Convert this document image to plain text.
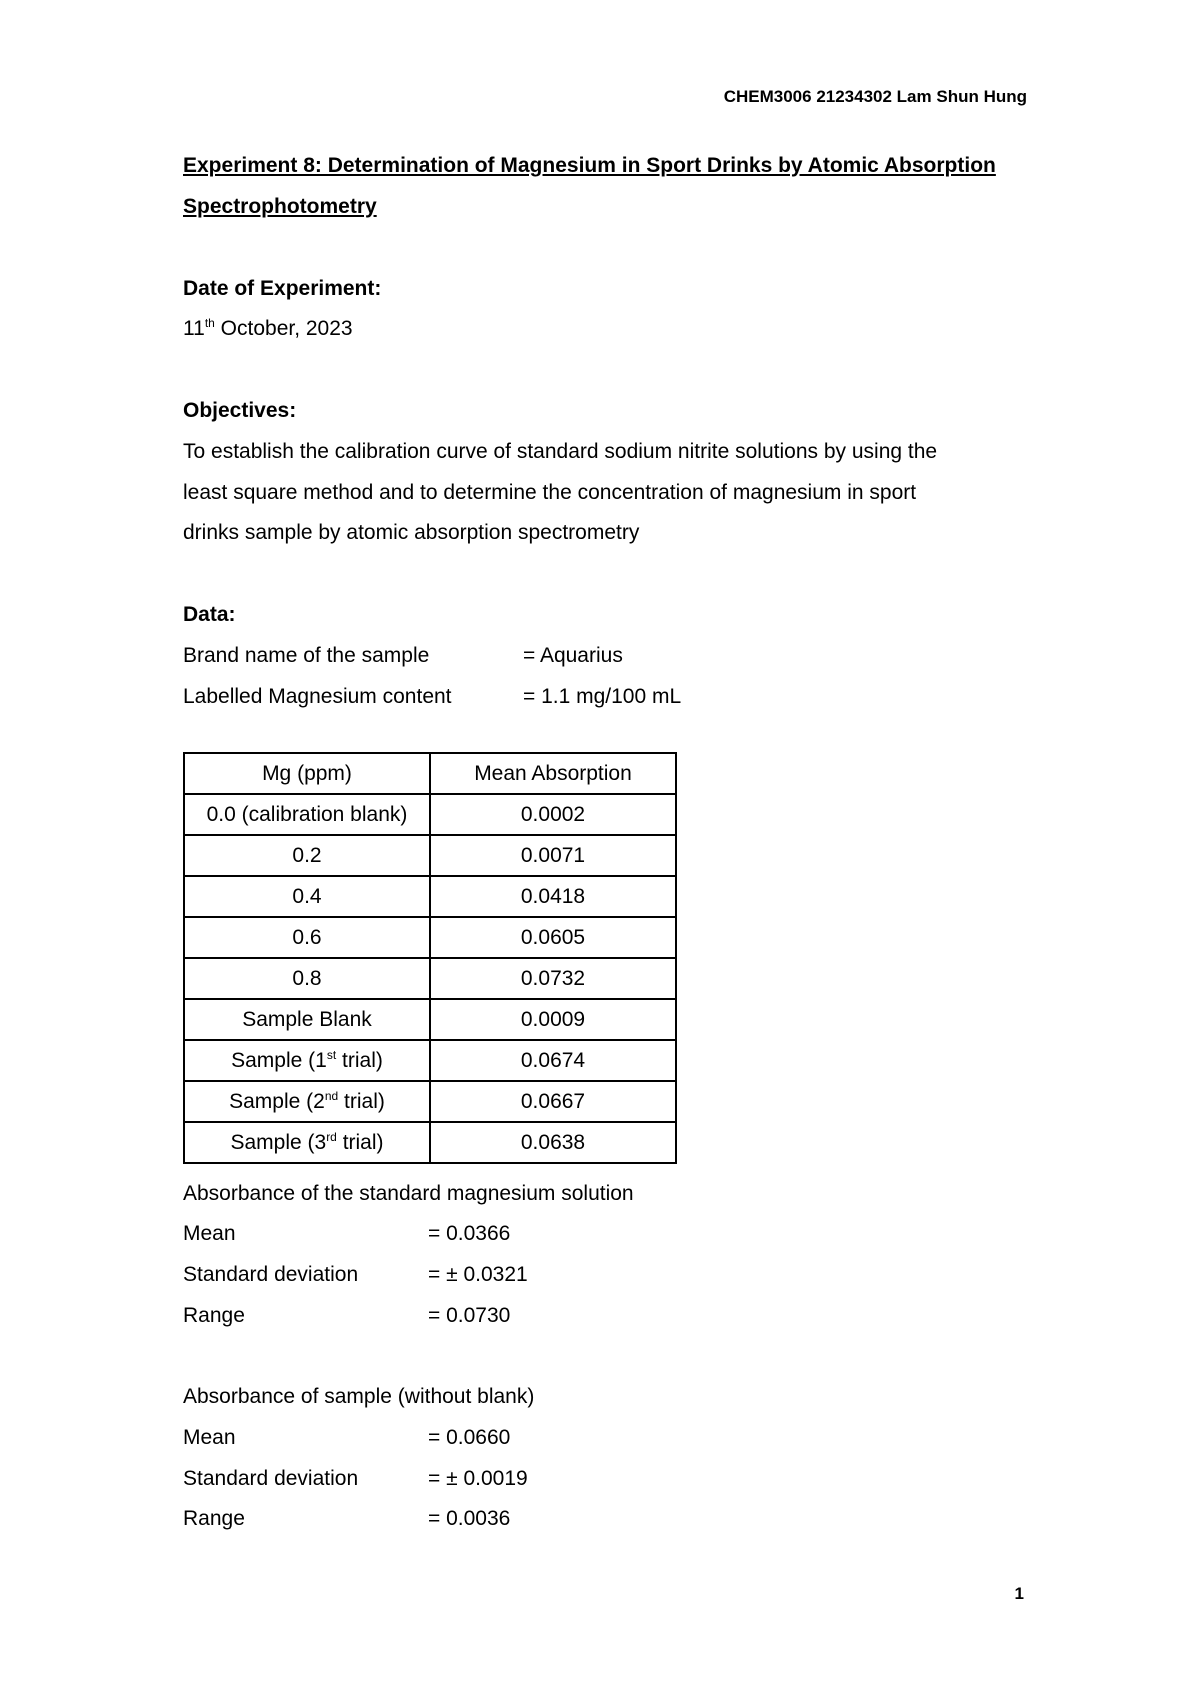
CHEM3006 21234302 Lam Shun Hung
Experiment 8: Determination of Magnesium in Sport Drinks by Atomic Absorption
Spectrophotometry
Date of Experiment:
11th October, 2023
Objectives:
To establish the calibration curve of standard sodium nitrite solutions by using the
least square method and to determine the concentration of magnesium in sport
drinks sample by atomic absorption spectrometry
Data:
Brand name of the sample	= Aquarius
Labelled Magnesium content	= 1.1 mg/100 mL
Mg (ppm)	Mean Absorption
0.0 (calibration blank)	0.0002
0.2	0.0071
0.4	0.0418
0.6	0.0605
0.8	0.0732
Sample Blank	0.0009
Sample (1st trial)	0.0674
Sample (2nd trial)	0.0667
Sample (3rd trial)	0.0638
Absorbance of the standard magnesium solution
Mean	= 0.0366
Standard deviation	= ± 0.0321
Range	= 0.0730
Absorbance of sample (without blank)
Mean	= 0.0660
Standard deviation	= ± 0.0019
Range	= 0.0036
1
